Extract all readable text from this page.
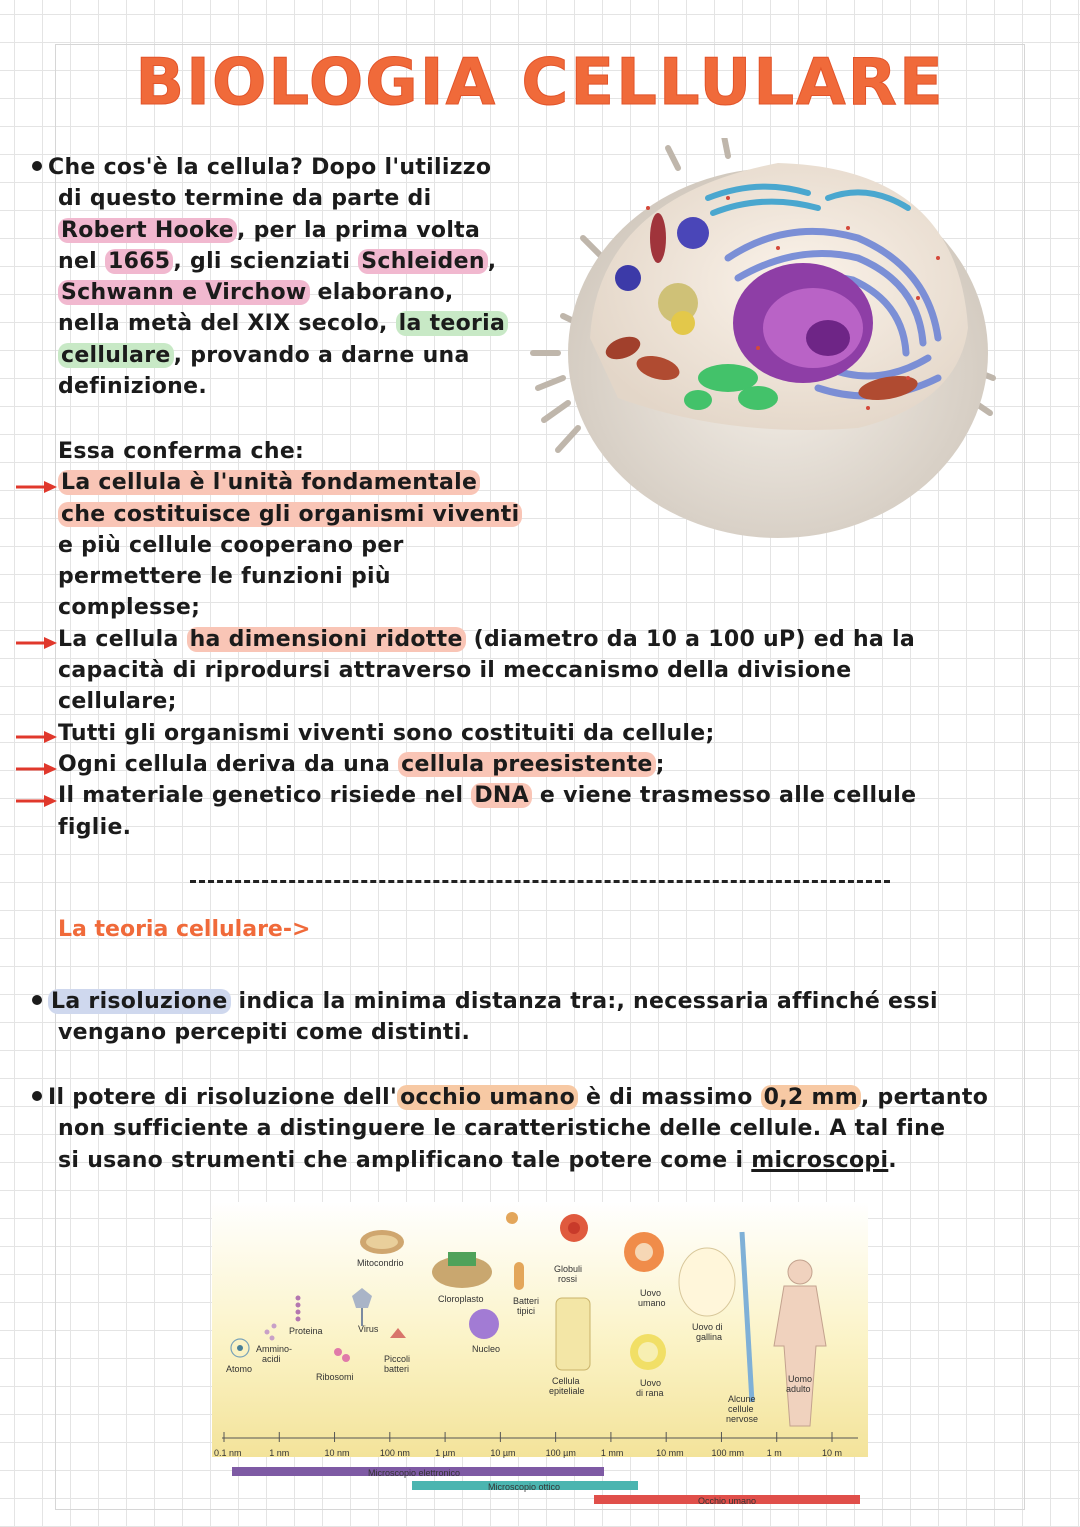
BIOLOGIA CELLULARE

Che cos'è la cellula? Dopo l'utilizzo

di questo termine da parte di

Robert Hooke , per la prima volta

nel 1665 , gli scienziati Schleiden ,

Schwann e Virchow elaborano,

nella metà del XIX secolo, la teoria

cellulare , provando a darne una

definizione.

Essa conferma che:

La cellula è l'unità fondamentale

che costituisce gli organismi viventi

e più cellule cooperano per

permettere le funzioni più

complesse;

La cellula ha dimensioni ridotte (diametro da 10 a 100 uP) ed ha la

capacità di riprodursi attraverso il meccanismo della divisione

cellulare;

Tutti gli organismi viventi sono costituiti da cellule;

Ogni cellula deriva da una cellula preesistente ;

Il materiale genetico risiede nel DNA e viene trasmesso alle cellule

figlie.

La teoria cellulare->

La risoluzione indica la minima distanza tra:, necessaria affinché essi

vengano percepiti come distinti.

Il potere di risoluzione dell' occhio umano è di massimo 0,2 mm , pertanto

non sufficiente a distinguere le caratteristiche delle cellule. A tal fine

si usano strumenti che amplificano tale potere come i microscopi.

Atomo
Ammino-
acidi
Proteina
Ribosomi
Virus
Mitocondrio
Piccoli
batteri
Cloroplasto
Nucleo
Batteri
tipici
Globuli
rossi
Cellula
epiteliale
Uovo
umano
Uovo
di rana
Uovo di
gallina
Alcune
cellule
nervose
Uomo
adulto
0.1 nm	1 nm	10 nm	100 nm	1 µm	10 µm	100 µm	1 mm	10 mm	100 mm	1 m	10 m
Microscopio elettronico
Microscopio ottico
Occhio umano
